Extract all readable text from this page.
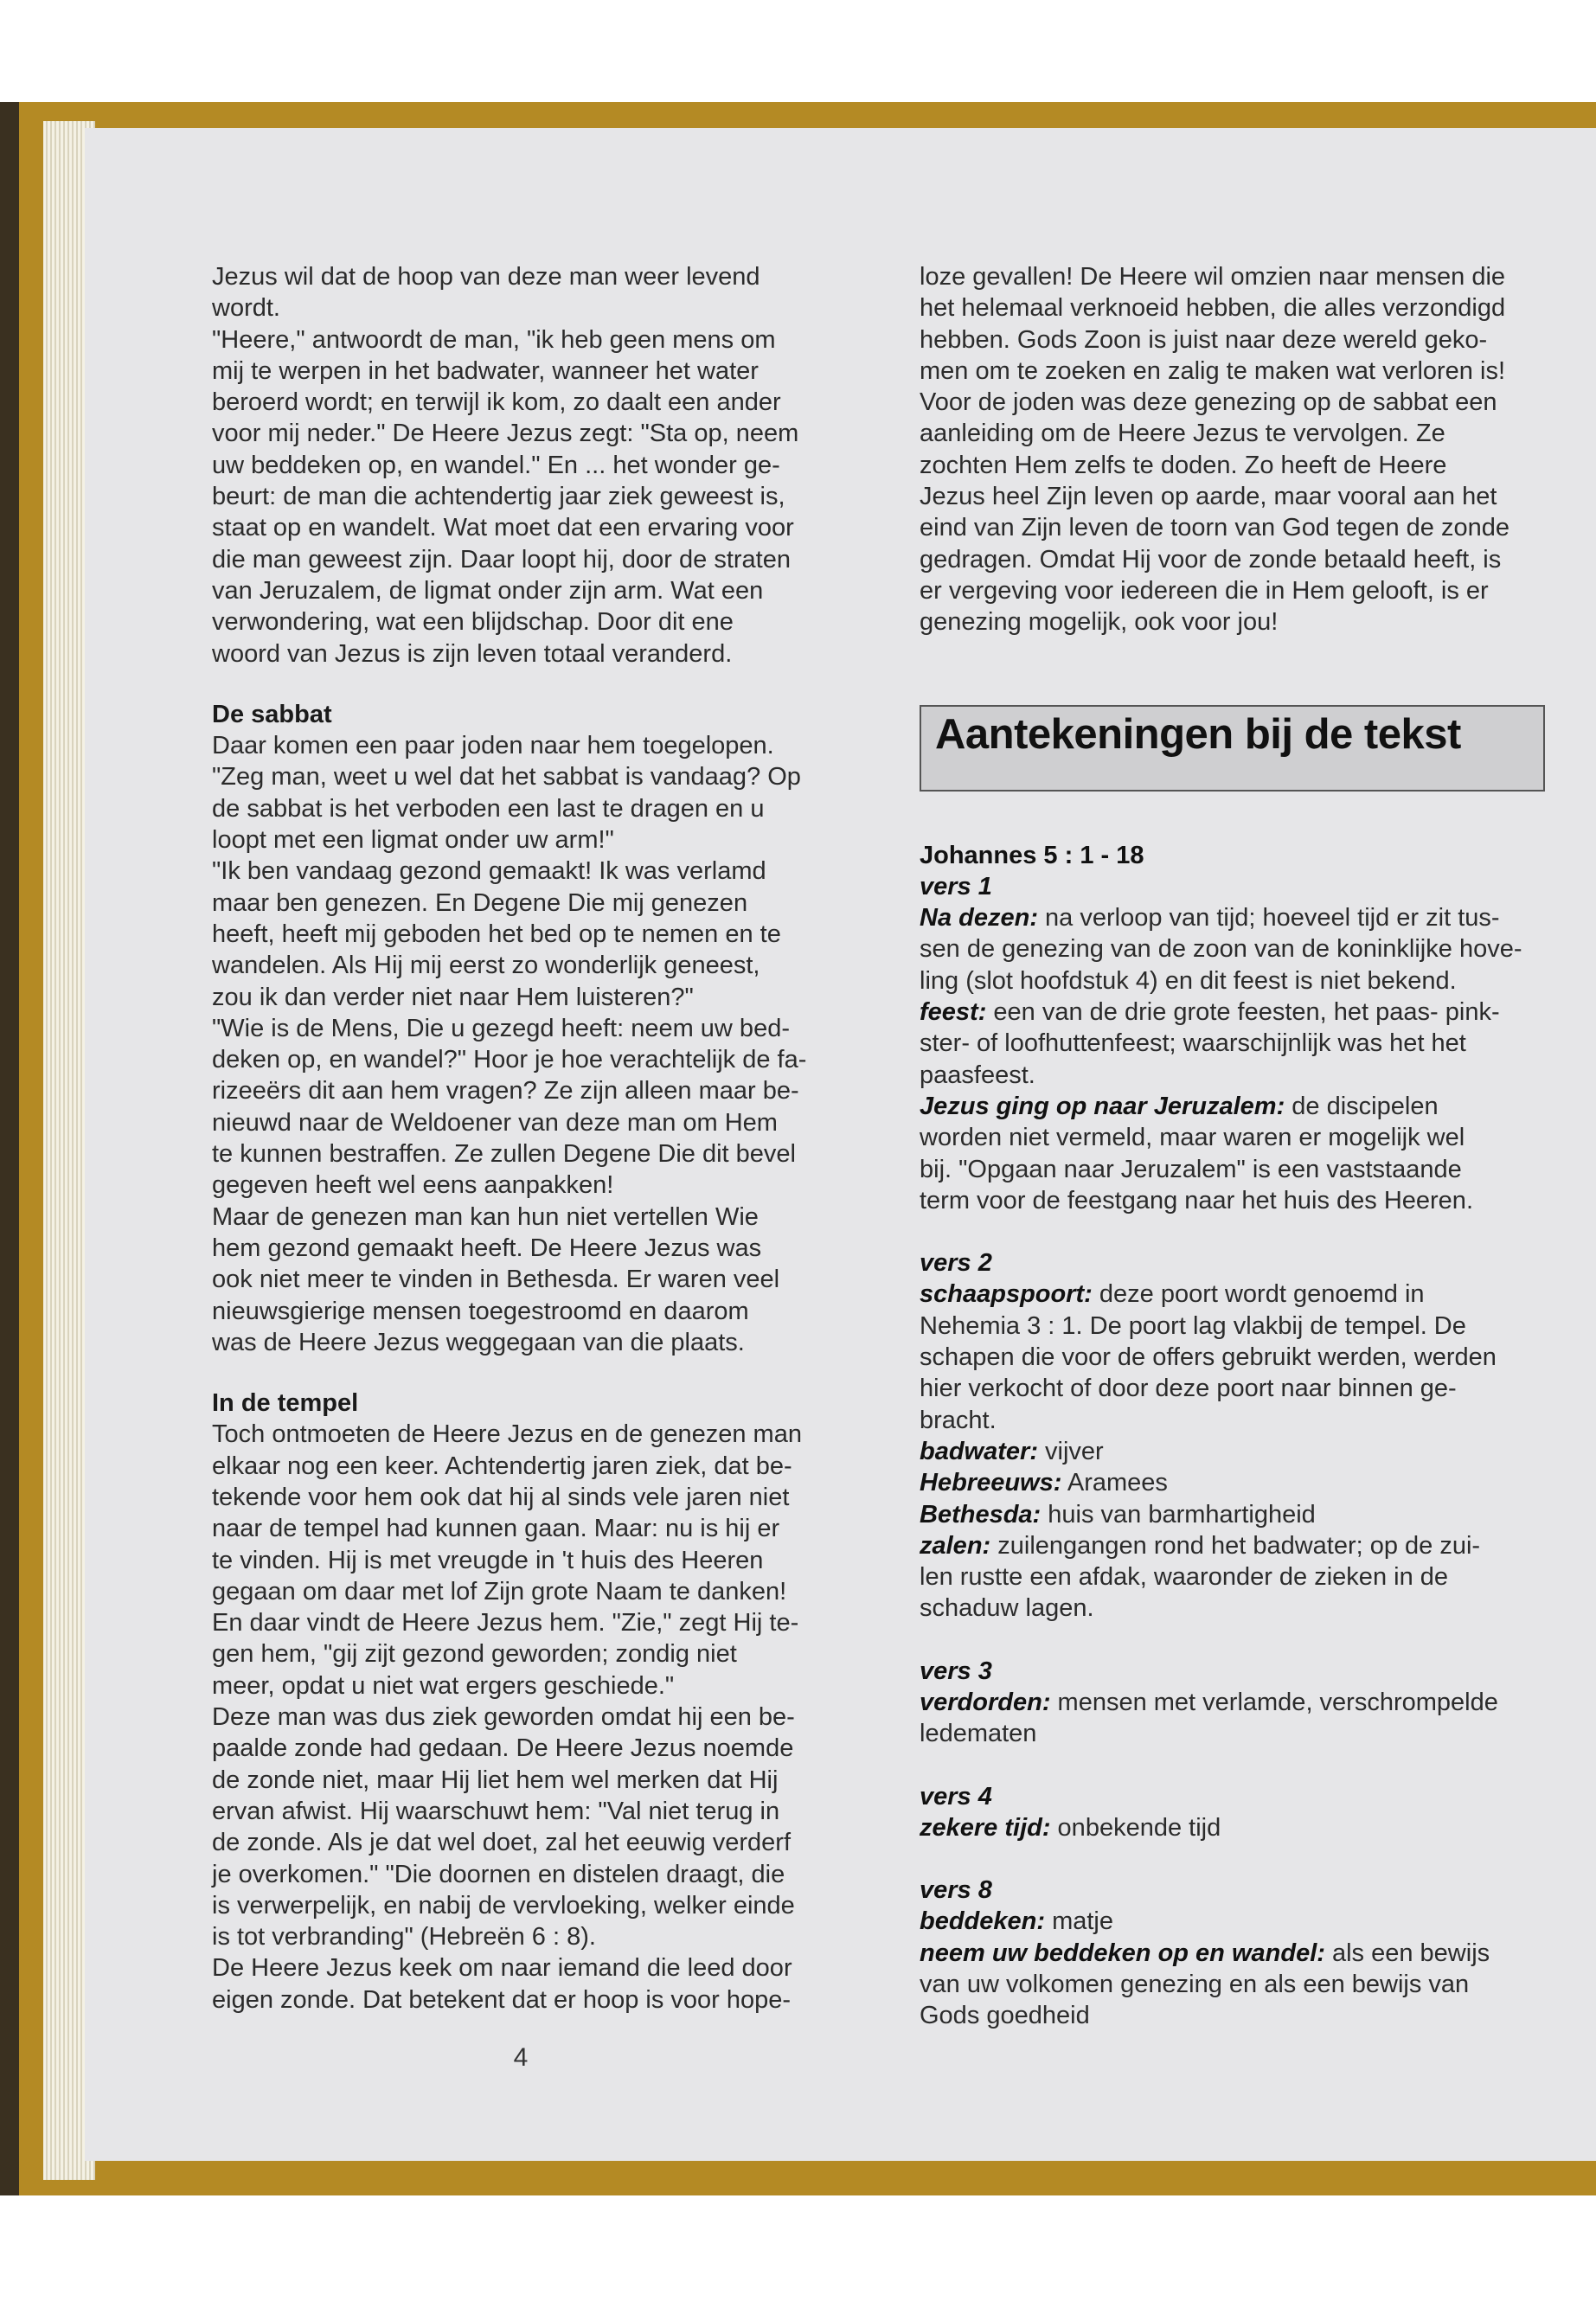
Jezus wil dat de hoop van deze man weer levend
wordt.
"Heere," antwoordt de man, "ik heb geen mens om
mij te werpen in het badwater, wanneer het water
beroerd wordt; en terwijl ik kom, zo daalt een ander
voor mij neder." De Heere Jezus zegt: "Sta op, neem
uw beddeken op, en wandel." En ... het wonder ge-
beurt: de man die achtendertig jaar ziek geweest is,
staat op en wandelt. Wat moet dat een ervaring voor
die man geweest zijn. Daar loopt hij, door de straten
van Jeruzalem, de ligmat onder zijn arm. Wat een
verwondering, wat een blijdschap. Door dit ene
woord van Jezus is zijn leven totaal veranderd.

De sabbat

Daar komen een paar joden naar hem toegelopen.
"Zeg man, weet u wel dat het sabbat is vandaag? Op
de sabbat is het verboden een last te dragen en u
loopt met een ligmat onder uw arm!"
"Ik ben vandaag gezond gemaakt! Ik was verlamd
maar ben genezen. En Degene Die mij genezen
heeft, heeft mij geboden het bed op te nemen en te
wandelen. Als Hij mij eerst zo wonderlijk geneest,
zou ik dan verder niet naar Hem luisteren?"
"Wie is de Mens, Die u gezegd heeft: neem uw bed-
deken op, en wandel?" Hoor je hoe verachtelijk de fa-
rizeeërs dit aan hem vragen? Ze zijn alleen maar be-
nieuwd naar de Weldoener van deze man om Hem
te kunnen bestraffen. Ze zullen Degene Die dit bevel
gegeven heeft wel eens aanpakken!
Maar de genezen man kan hun niet vertellen Wie
hem gezond gemaakt heeft. De Heere Jezus was
ook niet meer te vinden in Bethesda. Er waren veel
nieuwsgierige mensen toegestroomd en daarom
was de Heere Jezus weggegaan van die plaats.

In de tempel

Toch ontmoeten de Heere Jezus en de genezen man
elkaar nog een keer. Achtendertig jaren ziek, dat be-
tekende voor hem ook dat hij al sinds vele jaren niet
naar de tempel had kunnen gaan. Maar: nu is hij er
te vinden. Hij is met vreugde in 't huis des Heeren
gegaan om daar met lof Zijn grote Naam te danken!
En daar vindt de Heere Jezus hem. "Zie," zegt Hij te-
gen hem, "gij zijt gezond geworden; zondig niet
meer, opdat u niet wat ergers geschiede."
Deze man was dus ziek geworden omdat hij een be-
paalde zonde had gedaan. De Heere Jezus noemde
de zonde niet, maar Hij liet hem wel merken dat Hij
ervan afwist. Hij waarschuwt hem: "Val niet terug in
de zonde. Als je dat wel doet, zal het eeuwig verderf
je overkomen." "Die doornen en distelen draagt, die
is verwerpelijk, en nabij de vervloeking, welker einde
is tot verbranding" (Hebreën 6 : 8).
De Heere Jezus keek om naar iemand die leed door
eigen zonde. Dat betekent dat er hoop is voor hope-

loze gevallen! De Heere wil omzien naar mensen die
het helemaal verknoeid hebben, die alles verzondigd
hebben. Gods Zoon is juist naar deze wereld geko-
men om te zoeken en zalig te maken wat verloren is!
Voor de joden was deze genezing op de sabbat een
aanleiding om de Heere Jezus te vervolgen. Ze
zochten Hem zelfs te doden. Zo heeft de Heere
Jezus heel Zijn leven op aarde, maar vooral aan het
eind van Zijn leven de toorn van God tegen de zonde
gedragen. Omdat Hij voor de zonde betaald heeft, is
er vergeving voor iedereen die in Hem gelooft, is er
genezing mogelijk, ook voor jou!

Aantekeningen bij de tekst

Johannes 5 : 1 - 18

vers 1

Na dezen: na verloop van tijd; hoeveel tijd er zit tus-
sen de genezing van de zoon van de koninklijke hove-
ling (slot hoofdstuk 4) en dit feest is niet bekend.

feest: een van de drie grote feesten, het paas- pink-
ster- of loofhuttenfeest; waarschijnlijk was het het
paasfeest.

Jezus ging op naar Jeruzalem: de discipelen
worden niet vermeld, maar waren er mogelijk wel
bij. "Opgaan naar Jeruzalem" is een vaststaande
term voor de feestgang naar het huis des Heeren.

vers 2

schaapspoort: deze poort wordt genoemd in
Nehemia 3 : 1. De poort lag vlakbij de tempel. De
schapen die voor de offers gebruikt werden, werden
hier verkocht of door deze poort naar binnen ge-
bracht.

badwater: vijver

Hebreeuws: Aramees

Bethesda: huis van barmhartigheid

zalen: zuilengangen rond het badwater; op de zui-
len rustte een afdak, waaronder de zieken in de
schaduw lagen.

vers 3

verdorden: mensen met verlamde, verschrompelde
ledematen

vers 4

zekere tijd: onbekende tijd

vers 8

beddeken: matje

neem uw beddeken op en wandel: als een bewijs
van uw volkomen genezing en als een bewijs van
Gods goedheid

4
